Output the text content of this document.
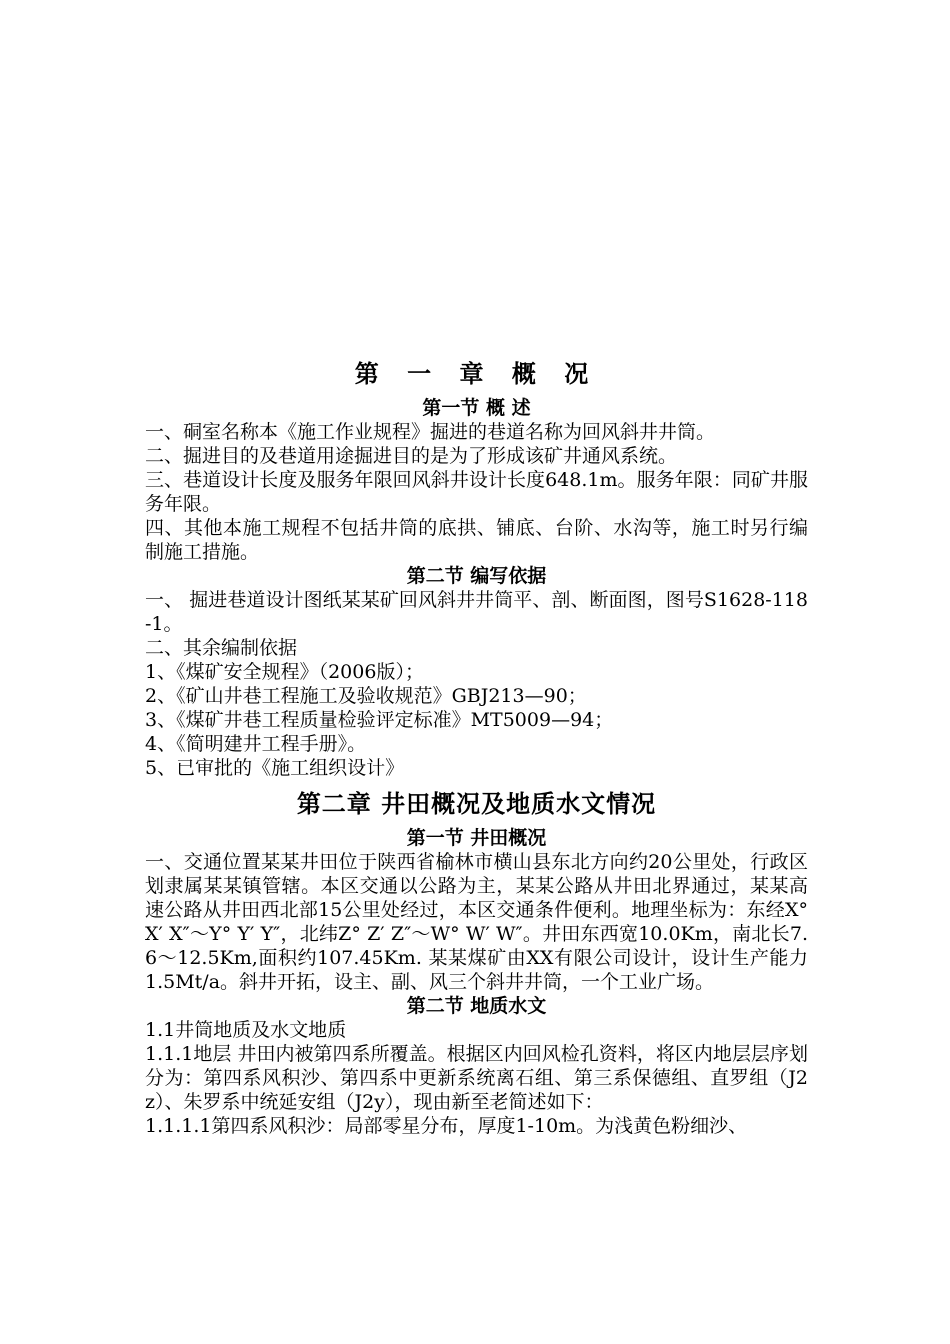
第 一 章 概 况
第一节 概 述

一、硐室名称本《施工作业规程》掘进的巷道名称为回风斜井井筒。

二、掘进目的及巷道用途掘进目的是为了形成该矿井通风系统。

三、巷道设计长度及服务年限回风斜井设计长度648.1m。服务年限：同矿井服务年限。

四、其他本施工规程不包括井筒的底拱、铺底、台阶、水沟等，施工时另行编制施工措施。

第二节 编写依据

一、 掘进巷道设计图纸某某矿回风斜井井筒平、剖、断面图，图号S1628-118-1。

二、其余编制依据

1、《煤矿安全规程》（2006版）；

2、《矿山井巷工程施工及验收规范》GBJ213—90；

3、《煤矿井巷工程质量检验评定标准》MT5009—94；

4、《简明建井工程手册》。

5、已审批的《施工组织设计》

第二章 井田概况及地质水文情况
第一节 井田概况

一、交通位置某某井田位于陕西省榆林市横山县东北方向约20公里处，行政区划隶属某某镇管辖。本区交通以公路为主，某某公路从井田北界通过，某某高速公路从井田西北部15公里处经过，本区交通条件便利。地理坐标为：东经X° X′ X″～Y° Y′ Y″，北纬Z° Z′ Z″～W° W′ W″。井田东西宽10.0Km，南北长7.6～12.5Km,面积约107.45Km. 某某煤矿由XX有限公司设计，设计生产能力1.5Mt/a。斜井开拓，设主、副、风三个斜井井筒，一个工业广场。

第二节 地质水文

1.1井筒地质及水文地质

1.1.1地层 井田内被第四系所覆盖。根据区内回风检孔资料，将区内地层层序划分为：第四系风积沙、第四系中更新系统离石组、第三系保德组、直罗组（J2z）、朱罗系中统延安组（J2y），现由新至老简述如下：

1.1.1.1第四系风积沙：局部零星分布，厚度1-10m。为浅黄色粉细沙、
